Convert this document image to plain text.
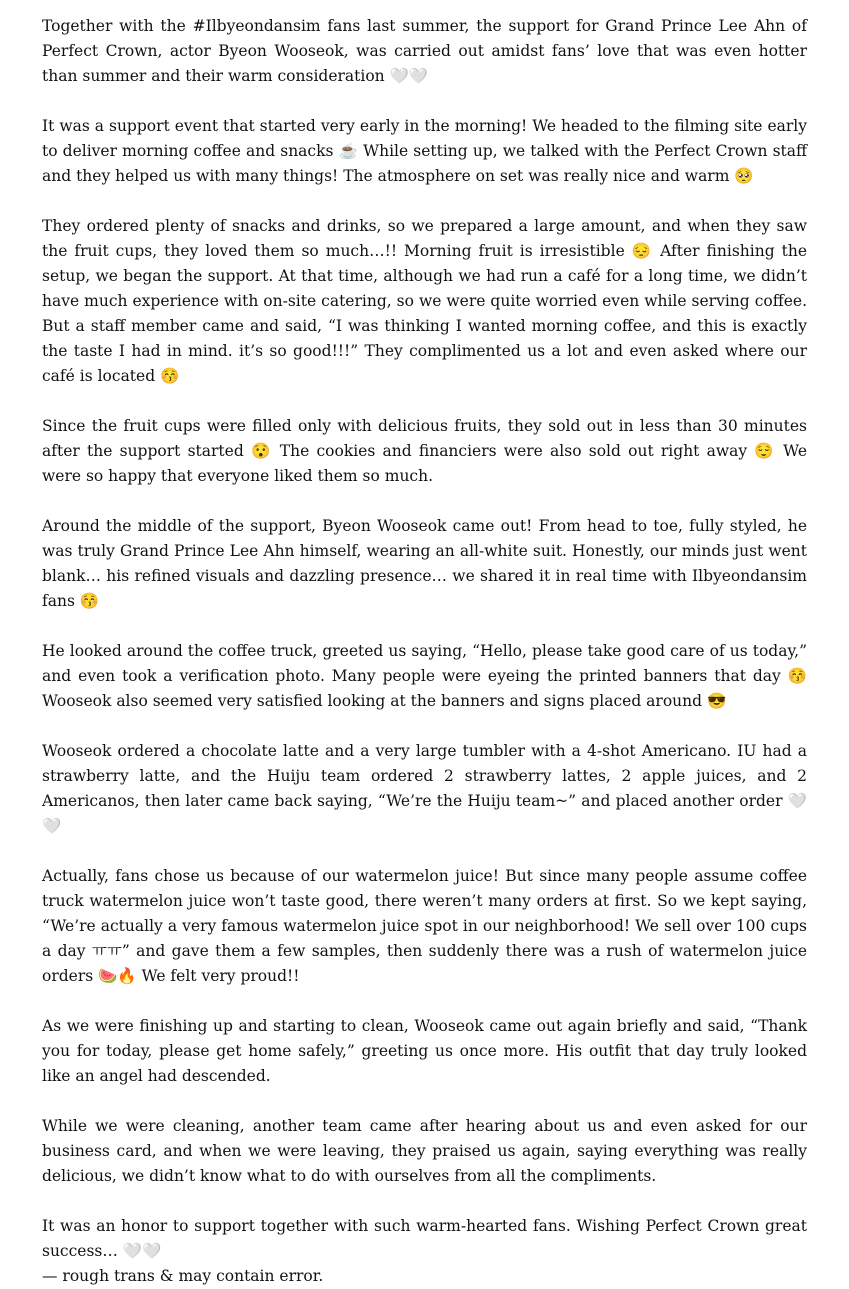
Together with the #Ilbyeondansim fans last summer, the support for Grand Prince Lee Ahn of Perfect Crown, actor Byeon Wooseok, was carried out amidst fans’ love that was even hotter than summer and their warm consideration 🤍🤍

It was a support event that started very early in the morning! We headed to the filming site early to deliver morning coffee and snacks ☕ While setting up, we talked with the Perfect Crown staff and they helped us with many things! The atmosphere on set was really nice and warm 🥺

They ordered plenty of snacks and drinks, so we prepared a large amount, and when they saw the fruit cups, they loved them so much…!! Morning fruit is irresistible 😔 After finishing the setup, we began the support. At that time, although we had run a café for a long time, we didn’t have much experience with on-site catering, so we were quite worried even while serving coffee. But a staff member came and said, “I was thinking I wanted morning coffee, and this is exactly the taste I had in mind. it’s so good!!!” They complimented us a lot and even asked where our café is located 😚

Since the fruit cups were filled only with delicious fruits, they sold out in less than 30 minutes after the support started 😯 The cookies and financiers were also sold out right away 😌 We were so happy that everyone liked them so much.

Around the middle of the support, Byeon Wooseok came out! From head to toe, fully styled, he was truly Grand Prince Lee Ahn himself, wearing an all-white suit. Honestly, our minds just went blank… his refined visuals and dazzling presence… we shared it in real time with Ilbyeondansim fans 😚

He looked around the coffee truck, greeted us saying, “Hello, please take good care of us today,” and even took a verification photo. Many people were eyeing the printed banners that day 😚 Wooseok also seemed very satisfied looking at the banners and signs placed around 😎

Wooseok ordered a chocolate latte and a very large tumbler with a 4-shot Americano. IU had a strawberry latte, and the Huiju team ordered 2 strawberry lattes, 2 apple juices, and 2 Americanos, then later came back saying, “We’re the Huiju team~” and placed another order 🤍🤍

Actually, fans chose us because of our watermelon juice! But since many people assume coffee truck watermelon juice won’t taste good, there weren’t many orders at first. So we kept saying, “We’re actually a very famous watermelon juice spot in our neighborhood! We sell over 100 cups a day ㅠㅠ” and gave them a few samples, then suddenly there was a rush of watermelon juice orders 🍉🔥 We felt very proud!!

As we were finishing up and starting to clean, Wooseok came out again briefly and said, “Thank you for today, please get home safely,” greeting us once more. His outfit that day truly looked like an angel had descended.

While we were cleaning, another team came after hearing about us and even asked for our business card, and when we were leaving, they praised us again, saying everything was really delicious, we didn’t know what to do with ourselves from all the compliments.

It was an honor to support together with such warm-hearted fans. Wishing Perfect Crown great success… 🤍🤍

— rough trans & may contain error.
